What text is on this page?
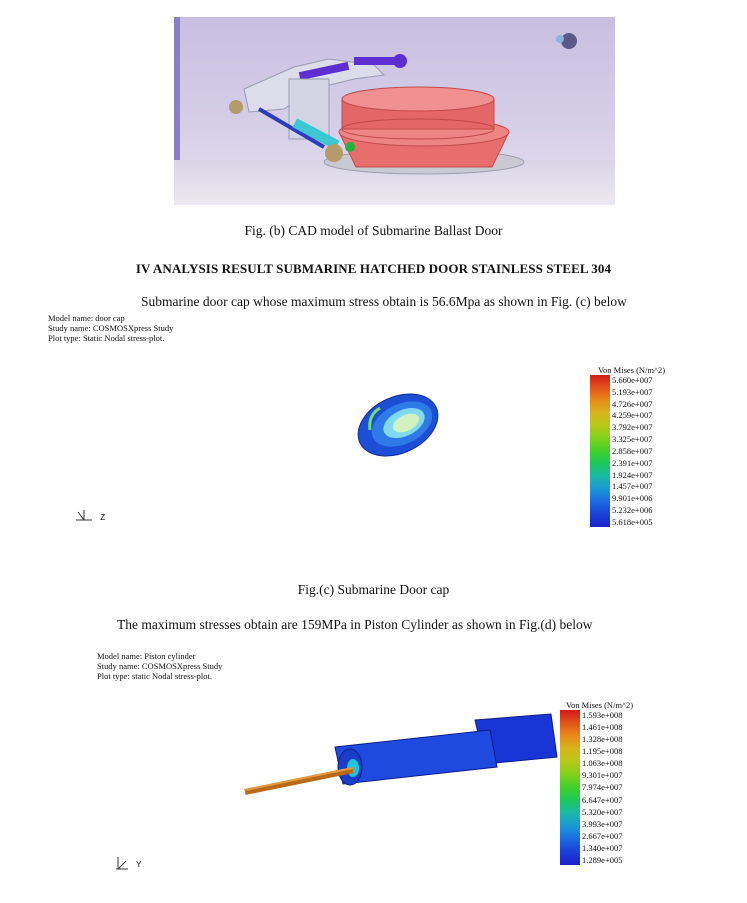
Fig. (b) CAD model of Submarine Ballast Door
IV ANALYSIS RESULT SUBMARINE HATCHED DOOR STAINLESS STEEL 304
Submarine door cap whose maximum stress obtain is 56.6Mpa as shown in Fig. (c) below
Model name: door cap
Study name: COSMOSXpress Study
Plot type: Static Nodal stress-plot.
Von Mises (N/m^2)
5.660e+007
5.193e+007
4.726e+007
4.259e+007
3.792e+007
3.325e+007
2.858e+007
2.391e+007
1.924e+007
1.457e+007
9.901e+006
5.232e+006
5.618e+005
Z
Fig.(c) Submarine Door cap
The maximum stresses obtain are 159MPa in Piston Cylinder as shown in Fig.(d) below
Model name: Piston cylinder
Study name: COSMOSXpress Study
Plot type: static Nodal stress-plot.
Von Mises (N/m^2)
1.593e+008
1.461e+008
1.328e+008
1.195e+008
1.063e+008
9.301e+007
7.974e+007
6.647e+007
5.320e+007
3.993e+007
2.667e+007
1.340e+007
1.289e+005
Y
